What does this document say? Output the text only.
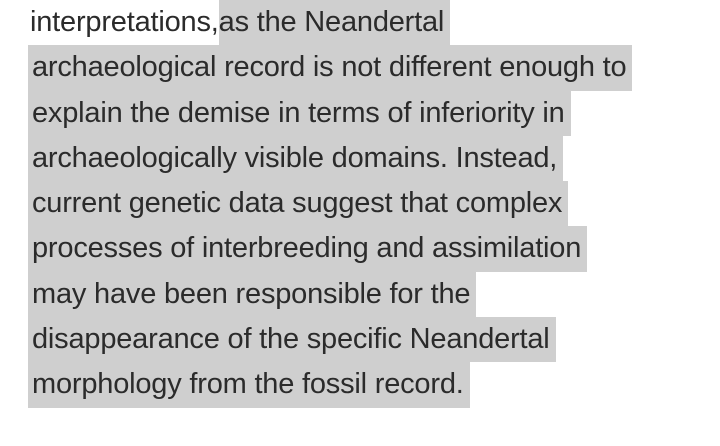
interpretations,as the Neandertal
archaeological record is not different enough to
explain the demise in terms of inferiority in
archaeologically visible domains. Instead,
current genetic data suggest that complex
processes of interbreeding and assimilation
may have been responsible for the
disappearance of the specific Neandertal
morphology from the fossil record.
